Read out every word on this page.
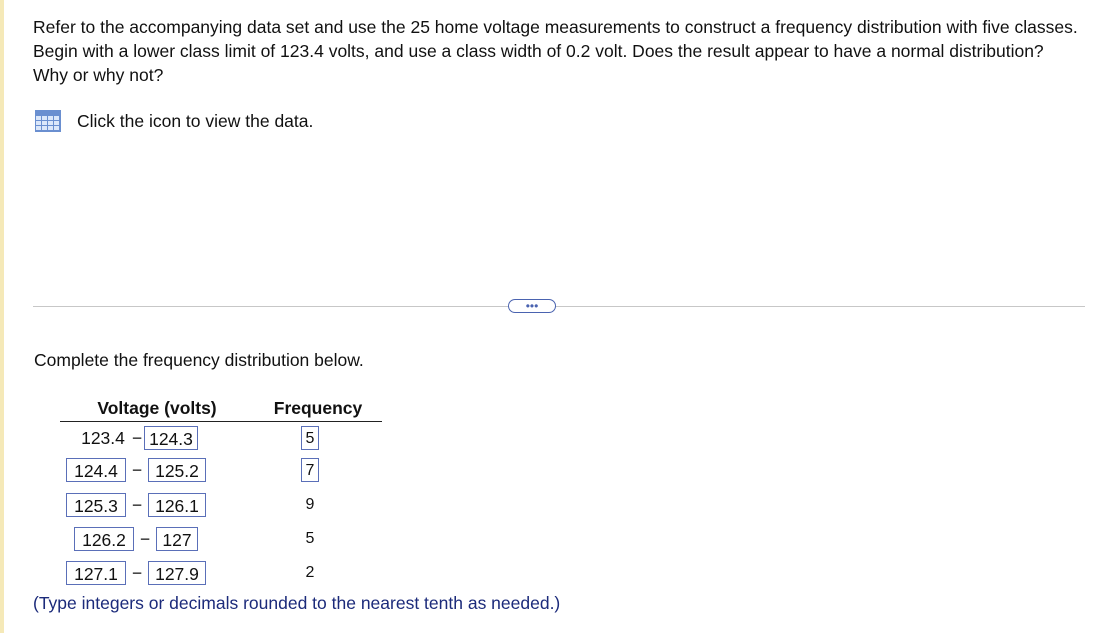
Refer to the accompanying data set and use the 25 home voltage measurements to construct a frequency distribution with five classes. Begin with a lower class limit of 123.4 volts, and use a class width of 0.2 volt. Does the result appear to have a normal distribution? Why or why not?
Click the icon to view the data.
•••
Complete the frequency distribution below.
Voltage (volts)	Frequency
123.4 − 124.3	5
124.4 − 125.2	7
125.3 − 126.1	9
126.2 − 127	5
127.1 − 127.9	2
(Type integers or decimals rounded to the nearest tenth as needed.)
